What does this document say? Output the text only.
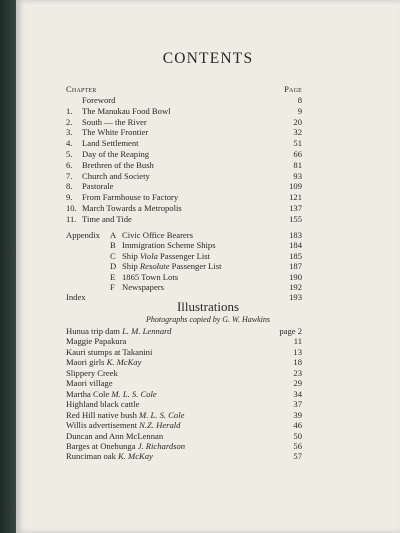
CONTENTS
Chapter	Page
Foreword	8
1. The Manukau Food Bowl	9
2. South — the River	20
3. The White Frontier	32
4. Land Settlement	51
5. Day of the Reaping	66
6. Brethren of the Bush	81
7. Church and Society	93
8. Pastorale	109
9. From Farmhouse to Factory	121
10. March Towards a Metropolis	137
11. Time and Tide	155
Appendix A Civic Office Bearers	183
B Immigration Scheme Ships	184
C Ship Viola Passenger List	185
D Ship Resolute Passenger List	187
E 1865 Town Lots	190
F Newspapers	192
Index	193
Illustrations
Photographs copied by G. W. Hawkins
Hunua trip dam L. M. Lennard	page 2
Maggie Papakura	11
Kauri stumps at Takanini	13
Maori girls K. McKay	18
Slippery Creek	23
Maori village	29
Martha Cole M. L. S. Cole	34
Highland black cattle	37
Red Hill native bush M. L. S. Cole	39
Willis advertisement N.Z. Herald	46
Duncan and Ann McLennan	50
Barges at Onehunga J. Richardson	56
Runciman oak K. McKay	57
